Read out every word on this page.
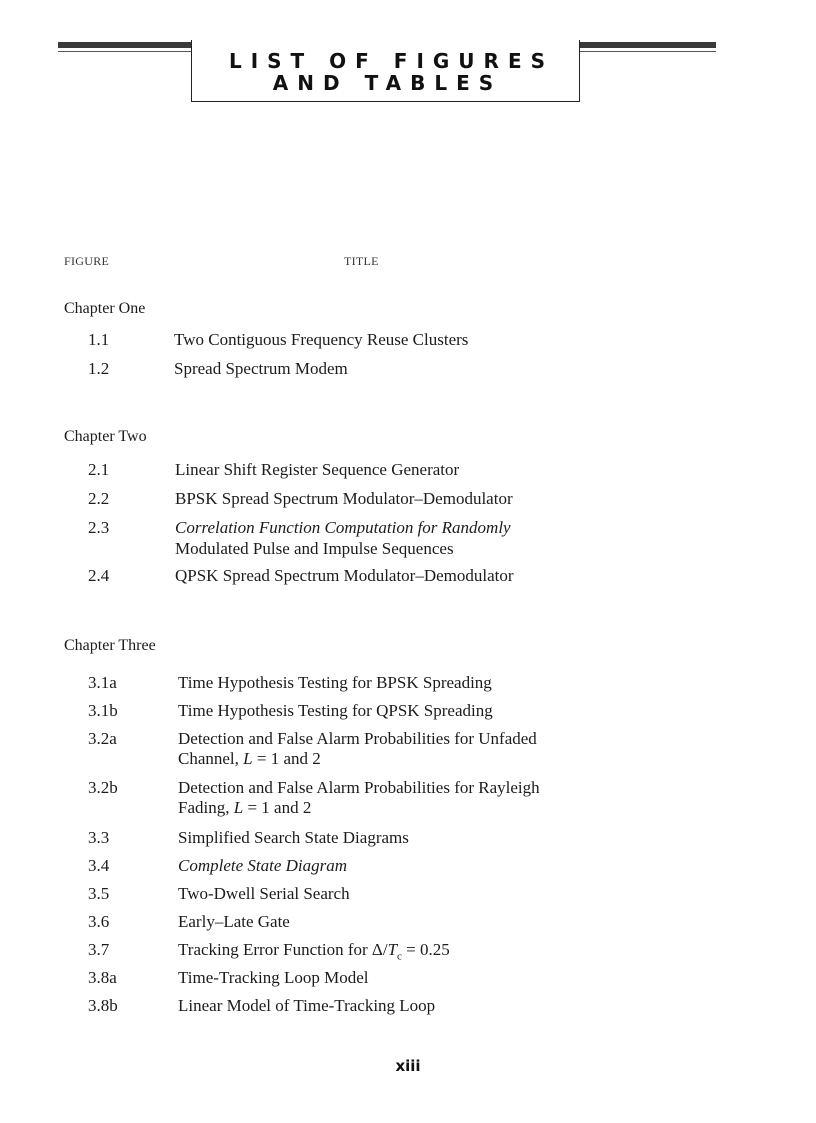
LIST OF FIGURES
AND TABLES
FIGURE	TITLE
Chapter One
1.1	Two Contiguous Frequency Reuse Clusters
1.2	Spread Spectrum Modem
Chapter Two
2.1	Linear Shift Register Sequence Generator
2.2	BPSK Spread Spectrum Modulator–Demodulator
2.3	Correlation Function Computation for Randomly
Modulated Pulse and Impulse Sequences
2.4	QPSK Spread Spectrum Modulator–Demodulator
Chapter Three
3.1a	Time Hypothesis Testing for BPSK Spreading
3.1b	Time Hypothesis Testing for QPSK Spreading
3.2a	Detection and False Alarm Probabilities for Unfaded
Channel, L = 1 and 2
3.2b	Detection and False Alarm Probabilities for Rayleigh
Fading, L = 1 and 2
3.3	Simplified Search State Diagrams
3.4	Complete State Diagram
3.5	Two-Dwell Serial Search
3.6	Early–Late Gate
3.7	Tracking Error Function for $\Delta/T_c = 0.25$
3.8a	Time-Tracking Loop Model
3.8b	Linear Model of Time-Tracking Loop
xiii
